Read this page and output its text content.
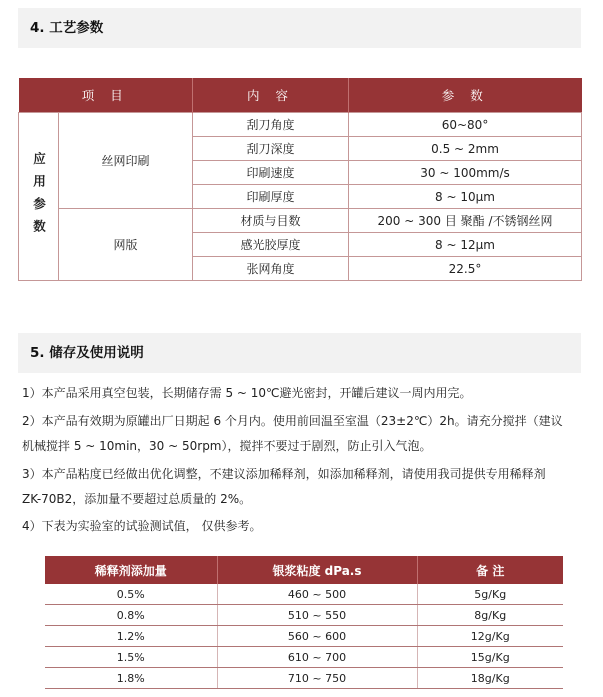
4. 工艺参数
项 目		内 容	参 数
应用参数	丝网印刷	刮刀角度	60~80°
		刮刀深度	0.5 ~ 2mm
		印刷速度	30 ~ 100mm/s
		印刷厚度	8 ~ 10μm
	网版	材质与目数	200 ~ 300 目 聚酯 /不锈钢丝网
		感光胶厚度	8 ~ 12μm
		张网角度	22.5°
5. 储存及使用说明
1）本产品采用真空包装，长期储存需 5 ~ 10℃避光密封，开罐后建议一周内用完。
2）本产品有效期为原罐出厂日期起 6 个月内。使用前回温至室温（23±2℃）2h。请充分搅拌（建议
机械搅拌 5 ~ 10min，30 ~ 50rpm），搅拌不要过于剧烈，防止引入气泡。
3）本产品粘度已经做出优化调整，不建议添加稀释剂，如添加稀释剂，请使用我司提供专用稀释剂
ZK-70B2，添加量不要超过总质量的 2%。
4）下表为实验室的试验测试值， 仅供参考。
稀释剂添加量	银浆粘度 dPa.s	备 注
0.5%	460 ~ 500	5g/Kg
0.8%	510 ~ 550	8g/Kg
1.2%	560 ~ 600	12g/Kg
1.5%	610 ~ 700	15g/Kg
1.8%	710 ~ 750	18g/Kg
